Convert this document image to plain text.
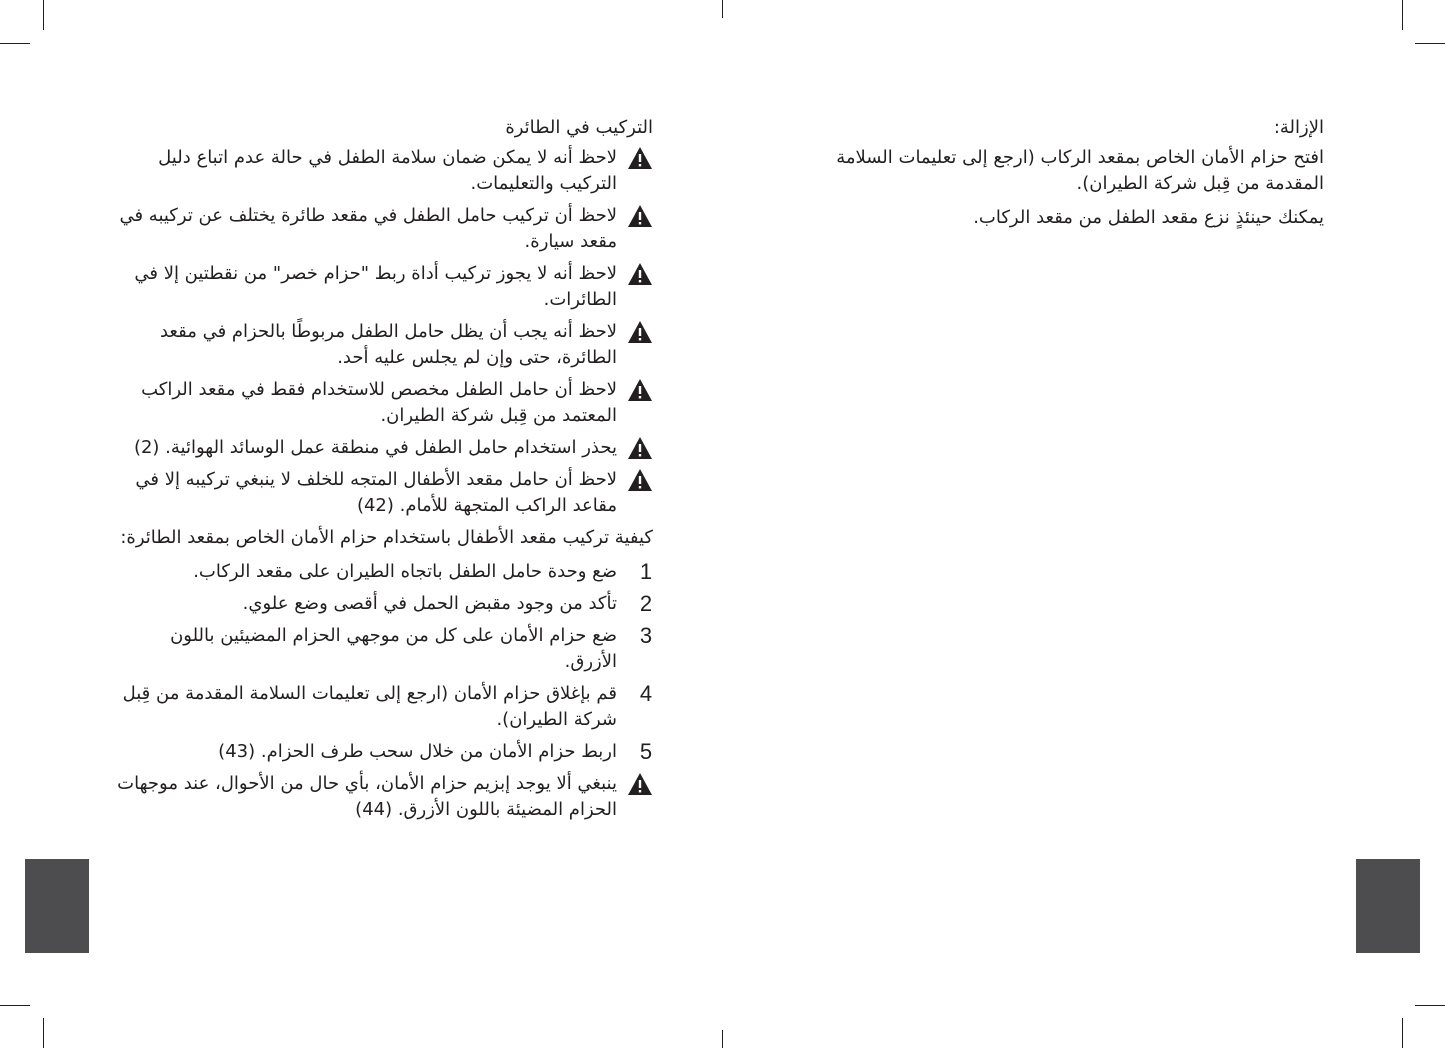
التركيب في الطائرة
لاحظ أنه لا يمكن ضمان سلامة الطفل في حالة عدم اتباع دليل التركيب والتعليمات.
لاحظ أن تركيب حامل الطفل في مقعد طائرة يختلف عن تركيبه في مقعد سيارة.
لاحظ أنه لا يجوز تركيب أداة ربط "حزام خصر" من نقطتين إلا في الطائرات.
لاحظ أنه يجب أن يظل حامل الطفل مربوطًا بالحزام في مقعد الطائرة، حتى وإن لم يجلس عليه أحد.
لاحظ أن حامل الطفل مخصص للاستخدام فقط في مقعد الراكب المعتمد من قِبل شركة الطيران.
يحذر استخدام حامل الطفل في منطقة عمل الوسائد الهوائية. (2)
لاحظ أن حامل مقعد الأطفال المتجه للخلف لا ينبغي تركيبه إلا في مقاعد الراكب المتجهة للأمام. (42)
كيفية تركيب مقعد الأطفال باستخدام حزام الأمان الخاص بمقعد الطائرة:
1
ضع وحدة حامل الطفل باتجاه الطيران على مقعد الركاب.
2
تأكد من وجود مقبض الحمل في أقصى وضع علوي.
3
ضع حزام الأمان على كل من موجهي الحزام المضيئين باللون الأزرق.
4
قم بإغلاق حزام الأمان (ارجع إلى تعليمات السلامة المقدمة من قِبل شركة الطيران).
5
اربط حزام الأمان من خلال سحب طرف الحزام. (43)
ينبغي ألا يوجد إبزيم حزام الأمان، بأي حال من الأحوال، عند موجهات الحزام المضيئة باللون الأزرق. (44)
الإزالة:
افتح حزام الأمان الخاص بمقعد الركاب (ارجع إلى تعليمات السلامة المقدمة من قِبل شركة الطيران).
يمكنك حينئذٍ نزع مقعد الطفل من مقعد الركاب.
